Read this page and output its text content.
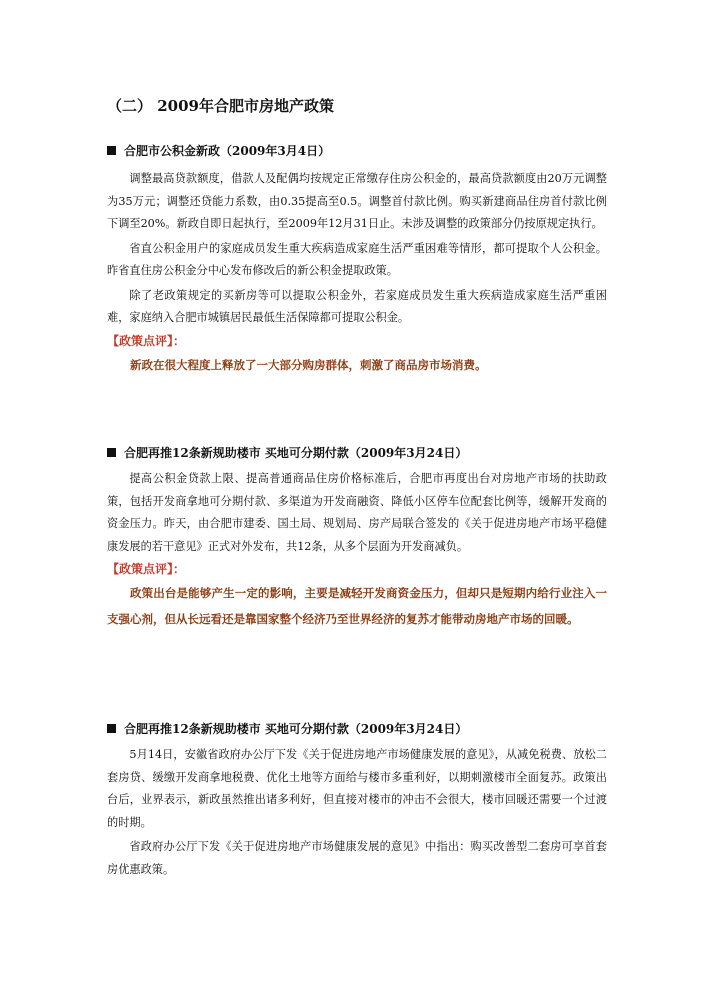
（二） 2009年合肥市房地产政策

合肥市公积金新政（2009年3月4日）

调整最高贷款额度，借款人及配偶均按规定正常缴存住房公积金的，最高贷款额度由20万元调整为35万元；调整还贷能力系数，由0.35提高至0.5。调整首付款比例。购买新建商品住房首付款比例下调至20%。新政自即日起执行，至2009年12月31日止。未涉及调整的政策部分仍按原规定执行。

省直公积金用户的家庭成员发生重大疾病造成家庭生活严重困难等情形，都可提取个人公积金。昨省直住房公积金分中心发布修改后的新公积金提取政策。

除了老政策规定的买新房等可以提取公积金外，若家庭成员发生重大疾病造成家庭生活严重困难，家庭纳入合肥市城镇居民最低生活保障都可提取公积金。

【政策点评】：

新政在很大程度上释放了一大部分购房群体，刺激了商品房市场消费。

合肥再推12条新规助楼市 买地可分期付款（2009年3月24日）

提高公积金贷款上限、提高普通商品住房价格标准后，合肥市再度出台对房地产市场的扶助政策，包括开发商拿地可分期付款、多渠道为开发商融资、降低小区停车位配套比例等，缓解开发商的资金压力。昨天，由合肥市建委、国土局、规划局、房产局联合签发的《关于促进房地产市场平稳健康发展的若干意见》正式对外发布，共12条，从多个层面为开发商减负。

【政策点评】：

政策出台是能够产生一定的影响，主要是减轻开发商资金压力，但却只是短期内给行业注入一支强心剂，但从长远看还是靠国家整个经济乃至世界经济的复苏才能带动房地产市场的回暖。

合肥再推12条新规助楼市 买地可分期付款（2009年3月24日）

5月14日，安徽省政府办公厅下发《关于促进房地产市场健康发展的意见》，从减免税费、放松二套房贷、缓缴开发商拿地税费、优化土地等方面给与楼市多重利好，以期刺激楼市全面复苏。政策出台后，业界表示，新政虽然推出诸多利好，但直接对楼市的冲击不会很大，楼市回暖还需要一个过渡的时期。

省政府办公厅下发《关于促进房地产市场健康发展的意见》中指出：购买改善型二套房可享首套房优惠政策。
